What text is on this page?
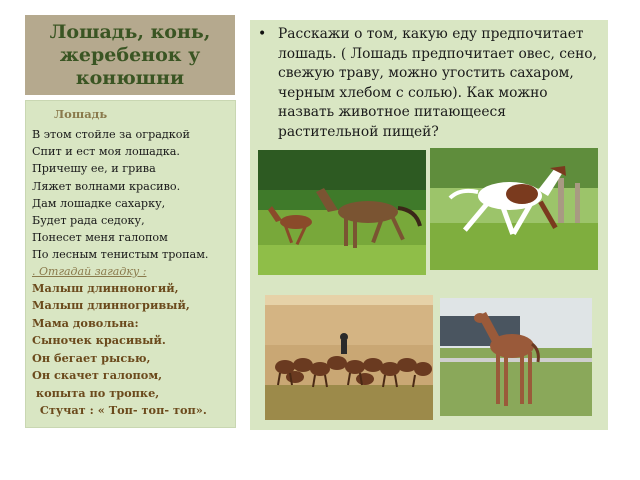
Лошадь, конь, жеребенок у конюшни

Лошадь

В этом стойле за оградкой

Спит и ест моя лошадка.

Причешу ее, и грива

Ляжет волнами красиво.

Дам лошадке сахарку,

Будет рада седоку,

Понесет меня галопом

По лесным тенистым тропам.

. Отгадай загадку :

Малыш длинноногий,

Малыш длинногривый,

Мама довольна:

Сыночек красивый.

Он бегает рысью,

Он скачет галопом,

копыта по тропке,

Стучат : « Топ- топ- топ».

• Расскажи о том, какую еду предпочитает лошадь. ( Лошадь предпочитает овес, сено, свежую траву, можно угостить сахаром, черным хлебом с солью). Как можно назвать животное питающееся растительной пищей?
